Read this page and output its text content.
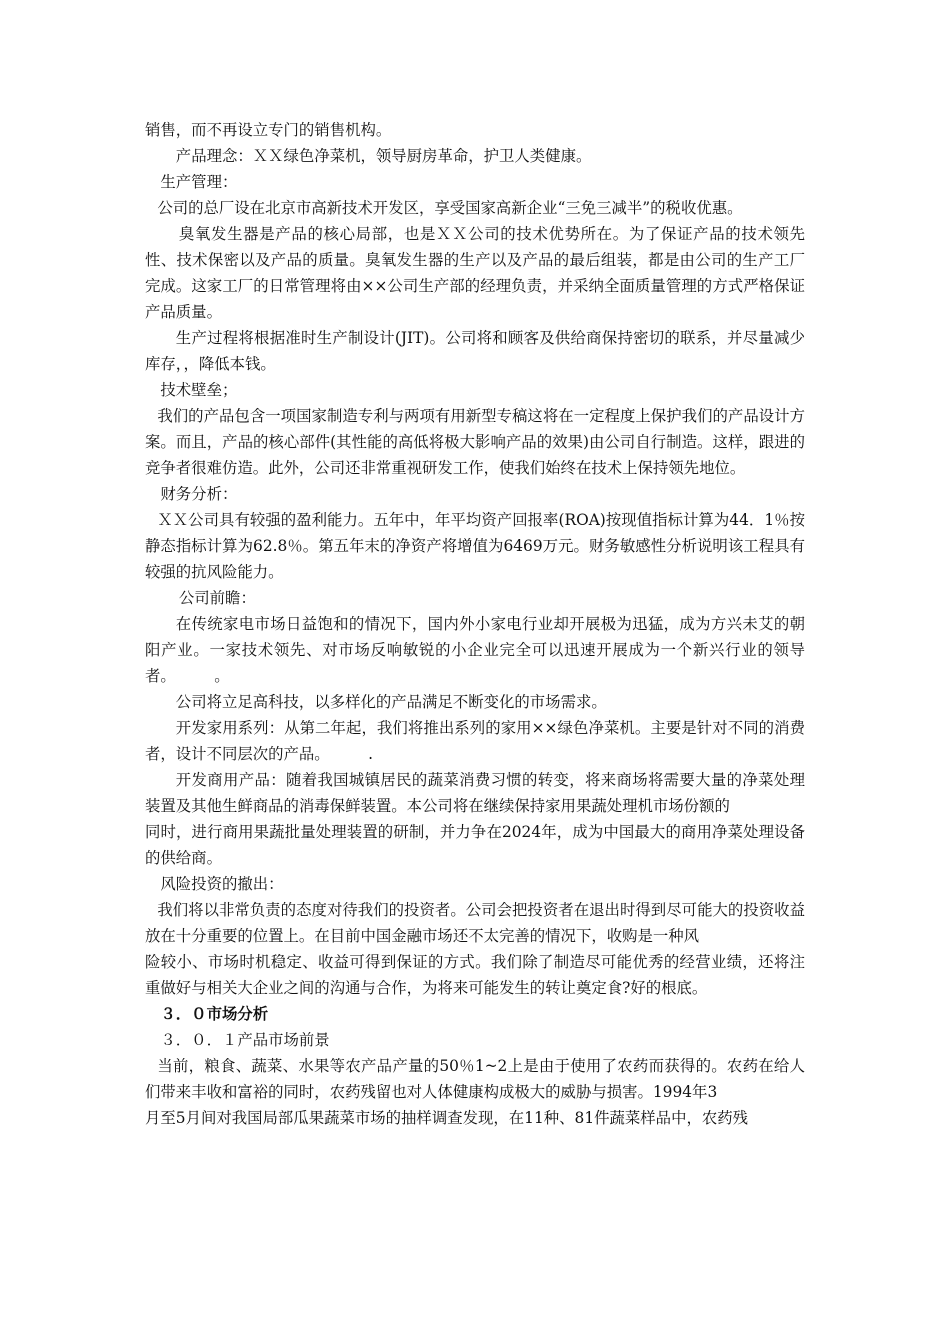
销售，而不再设立专门的销售机构。

产品理念：ＸＸ绿色净菜机，领导厨房革命，护卫人类健康。

生产管理：

公司的总厂设在北京市高新技术开发区，享受国家高新企业“三免三减半”的税收优惠。

臭氧发生器是产品的核心局部，也是ＸＸ公司的技术优势所在。为了保证产品的技术领先性、技术保密以及产品的质量。臭氧发生器的生产以及产品的最后组装，都是由公司的生产工厂完成。这家工厂的日常管理将由××公司生产部的经理负责，并采纳全面质量管理的方式严格保证产品质量。

生产过程将根据准时生产制设计(JIT)。公司将和顾客及供给商保持密切的联系，并尽量减少库存，，降低本钱。

技术壁垒；

我们的产品包含一项国家制造专利与两项有用新型专稿这将在一定程度上保护我们的产品设计方案。而且，产品的核心部件(其性能的高低将极大影响产品的效果)由公司自行制造。这样，跟进的竞争者很难仿造。此外，公司还非常重视研发工作，使我们始终在技术上保持领先地位。

财务分析：

ＸＸ公司具有较强的盈利能力。五年中，年平均资产回报率(ROA)按现值指标计算为44．1％按静态指标计算为62.8％。第五年末的净资产将增值为6469万元。财务敏感性分析说明该工程具有较强的抗风险能力。

公司前瞻：

在传统家电市场日益饱和的情况下，国内外小家电行业却开展极为迅猛，成为方兴未艾的朝阳产业。一家技术领先、对市场反响敏锐的小企业完全可以迅速开展成为一个新兴行业的领导者。　　　。

公司将立足高科技，以多样化的产品满足不断变化的市场需求。

开发家用系列：从第二年起，我们将推出系列的家用××绿色净菜机。主要是针对不同的消费者，设计不同层次的产品。　　　.

开发商用产品：随着我国城镇居民的蔬菜消费习惯的转变，将来商场将需要大量的净菜处理装置及其他生鲜商品的消毒保鲜装置。本公司将在继续保持家用果蔬处理机市场份额的

同时，进行商用果蔬批量处理装置的研制，并力争在2024年，成为中国最大的商用净菜处理设备的供给商。

风险投资的撤出：

我们将以非常负责的态度对待我们的投资者。公司会把投资者在退出时得到尽可能大的投资收益放在十分重要的位置上。在目前中国金融市场还不太完善的情况下，收购是一种风

险较小、市场时机稳定、收益可得到保证的方式。我们除了制造尽可能优秀的经营业绩，还将注重做好与相关大企业之间的沟通与合作，为将来可能发生的转让奠定食?好的根底。

３．０市场分析

３．０．１产品市场前景

当前，粮食、蔬菜、水果等农产品产量的50％1~2上是由于使用了农药而获得的。农药在给人们带来丰收和富裕的同时，农药残留也对人体健康构成极大的威胁与损害。1994年3

月至5月间对我国局部瓜果蔬菜市场的抽样调查发现，在11种、81件蔬菜样品中，农药残
